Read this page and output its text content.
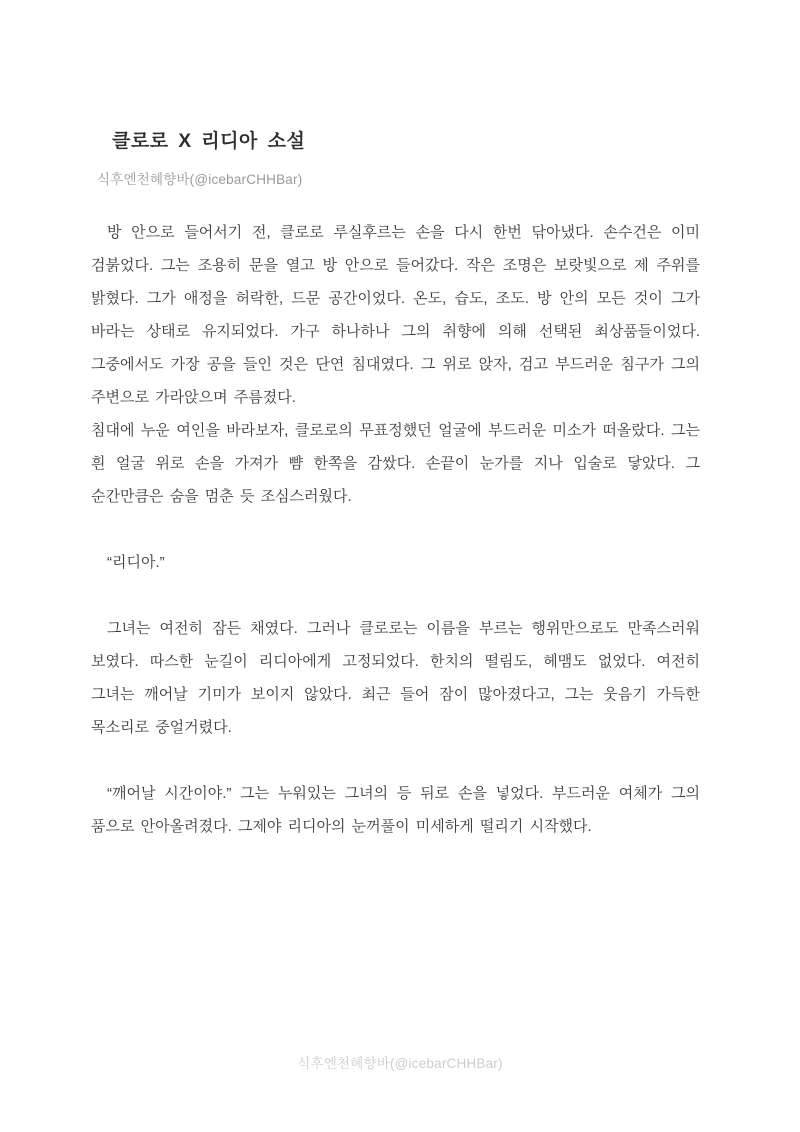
클로로 X 리디아 소설
식후엔천혜향바(@icebarCHHBar)

방 안으로 들어서기 전, 클로로 루실후르는 손을 다시 한번 닦아냈다. 손수건은 이미 검붉었다. 그는 조용히 문을 열고 방 안으로 들어갔다. 작은 조명은 보랏빛으로 제 주위를 밝혔다. 그가 애정을 허락한, 드문 공간이었다. 온도, 습도, 조도. 방 안의 모든 것이 그가 바라는 상태로 유지되었다. 가구 하나하나 그의 취향에 의해 선택된 최상품들이었다. 그중에서도 가장 공을 들인 것은 단연 침대였다. 그 위로 앉자, 검고 부드러운 침구가 그의 주변으로 가라앉으며 주름졌다.

침대에 누운 여인을 바라보자, 클로로의 무표정했던 얼굴에 부드러운 미소가 떠올랐다. 그는 흰 얼굴 위로 손을 가져가 뺨 한쪽을 감쌌다. 손끝이 눈가를 지나 입술로 닿았다. 그 순간만큼은 숨을 멈춘 듯 조심스러웠다.

“리디아.”

그녀는 여전히 잠든 채였다. 그러나 클로로는 이름을 부르는 행위만으로도 만족스러워 보였다. 따스한 눈길이 리디아에게 고정되었다. 한치의 떨림도, 헤맴도 없었다. 여전히 그녀는 깨어날 기미가 보이지 않았다. 최근 들어 잠이 많아졌다고, 그는 웃음기 가득한 목소리로 중얼거렸다.

“깨어날 시간이야.” 그는 누워있는 그녀의 등 뒤로 손을 넣었다. 부드러운 여체가 그의 품으로 안아올려졌다. 그제야 리디아의 눈꺼풀이 미세하게 떨리기 시작했다.

식후엔천혜향바(@icebarCHHBar)
